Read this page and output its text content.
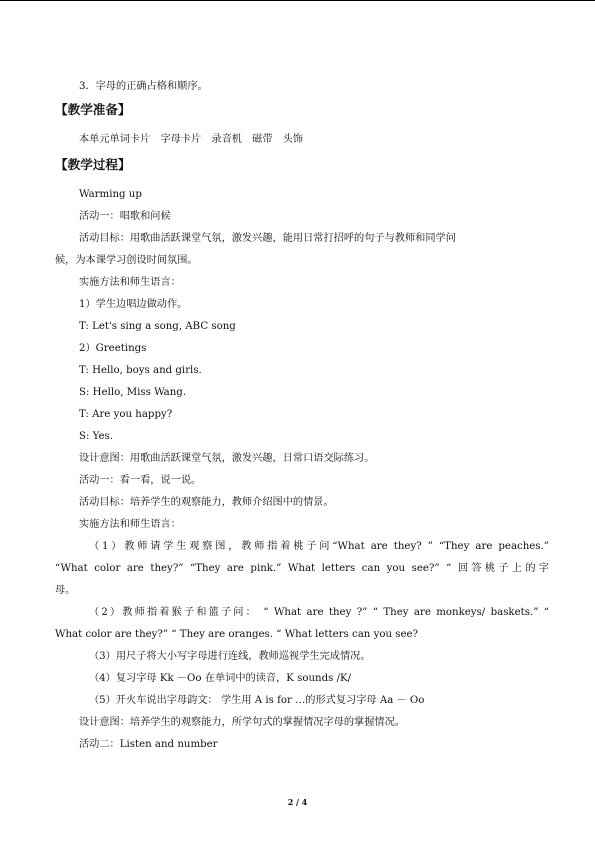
3．字母的正确占格和顺序。
【教学准备】
本单元单词卡片　字母卡片　录音机　磁带　头饰
【教学过程】
Warming up
活动一：唱歌和问候
活动目标：用歌曲活跃课堂气氛，激发兴趣，能用日常打招呼的句子与教师和同学问
候，为本课学习创设时间氛围。
实施方法和师生语言：
1）学生边唱边做动作。
T: Let's sing a song, ABC song
2）Greetings
T: Hello, boys and girls.
S: Hello, Miss Wang.
T: Are you happy?
S: Yes.
设计意图：用歌曲活跃课堂气氛，激发兴趣，日常口语交际练习。
活动一：看一看，说一说。
活动目标：培养学生的观察能力，教师介绍图中的情景。
实施方法和师生语言：
（1）教师请学生观察图，教师指着桃子问“What are they? ” “They are peaches.”
“What color are they?” “They are pink.” What letters can you see?” “ 回答桃子上的字
母。
（2）教师指着猴子和篮子问： “ What are they ?” “ They are monkeys/ baskets.” “
What color are they?” “ They are oranges. “ What letters can you see?
（3）用尺子将大小写字母进行连线，教师巡视学生完成情况。
（4）复习字母 Kk －Oo 在单词中的读音，K sounds /K/
（5）开火车说出字母韵文： 学生用 A is for …的形式复习字母 Aa － Oo
设计意图：培养学生的观察能力，所学句式的掌握情况字母的掌握情况。
活动二：Listen and number
2 / 4
